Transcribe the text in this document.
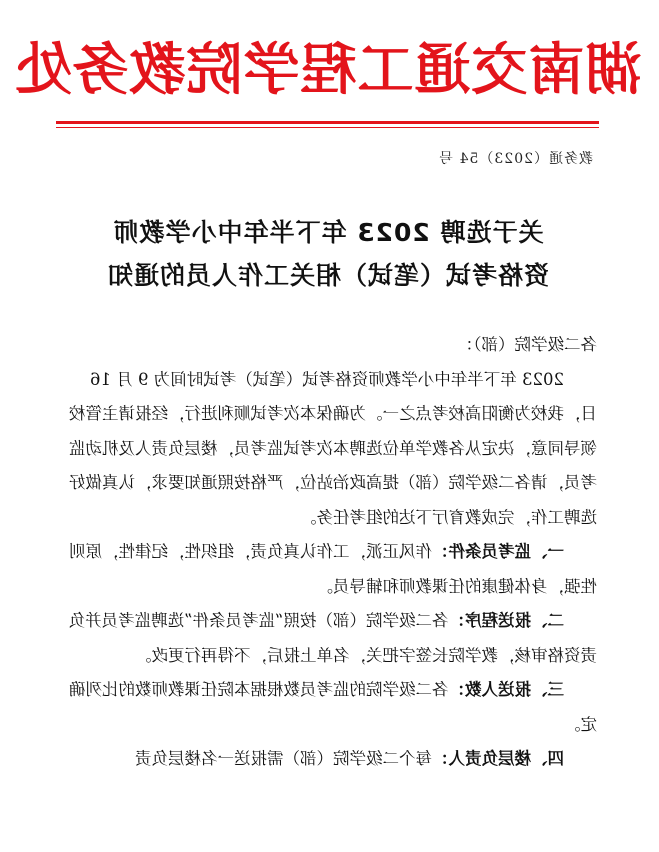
湖南交通工程学院教务处
教务通（2023）54 号
关于选聘 2023 年下半年中小学教师
资格考试（笔试）相关工作人员的通知

各二级学院（部）：

2023 年下半年中小学教师资格考试（笔试）考试时间为 9 月 16 日，我校为衡阳高校考点之一。为确保本次考试顺利进行，经报请主管校领导同意，决定从各教学单位选聘本次考试监考员，楼层负责人及机动监考员，请各二级学院（部）提高政治站位，严格按照通知要求，认真做好选聘工作，完成教育厅下达的组考任务。

一、监考员条件：作风正派，工作认真负责，组织性，纪律性，原则性强，身体健康的任课教师和辅导员。

二、报送程序：各二级学院（部）按照“监考员条件”选聘监考员并负责资格审核，教学院长签字把关，名单上报后，不得再行更改。

三、报送人数：各二级学院的监考员数根据本院任课教师数的比列确定。

四、楼层负责人：每个二级学院（部）需报送一名楼层负责
